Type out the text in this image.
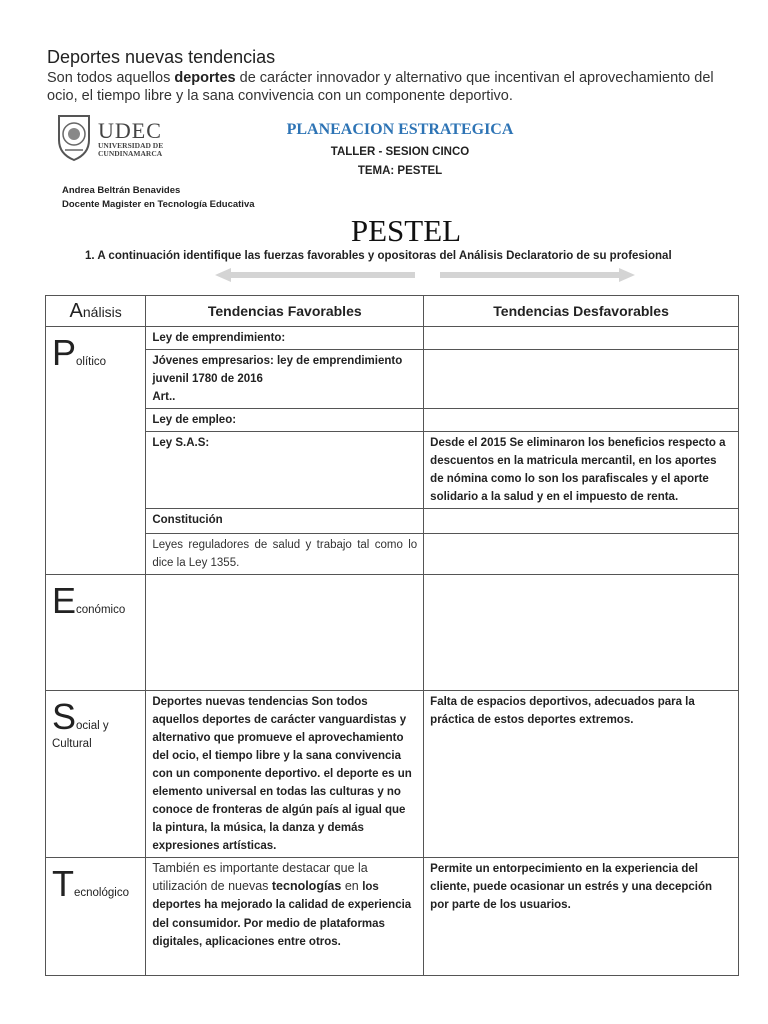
Deportes nuevas tendencias
Son todos aquellos deportes de carácter innovador y alternativo que incentivan el aprovechamiento del ocio, el tiempo libre y la sana convivencia con un componente deportivo.
UDEC
UNIVERSIDAD DE
CUNDINAMARCA
PLANEACION ESTRATEGICA
TALLER - SESION CINCO
TEMA: PESTEL
Andrea Beltrán Benavides
Docente Magister en Tecnología Educativa
PESTEL
1. A continuación identifique las fuerzas favorables y opositoras del Análisis Declaratorio de su profesional
Análisis	Tendencias Favorables	Tendencias Desfavorables
Político	Ley de emprendimiento:	

	Jóvenes empresarios: ley de emprendimiento juvenil 1780 de 2016
Art..	

	Ley de empleo:	
	Ley S.A.S:	Desde el 2015 Se eliminaron los beneficios respecto a descuentos en la matricula mercantil, en los aportes de nómina como lo son los parafiscales y el aporte solidario a la salud y en el impuesto de renta.
	Constitución	
	Leyes reguladores de salud y trabajo tal como lo dice la Ley 1355.	
Económico		
Social y
Cultural	Deportes nuevas tendencias Son todos aquellos deportes de carácter vanguardistas y alternativo que promueve el aprovechamiento del ocio, el tiempo libre y la sana convivencia con un componente deportivo. el deporte es un elemento universal en todas las culturas y no conoce de fronteras de algún país al igual que la pintura, la música, la danza y demás expresiones artísticas.	Falta de espacios deportivos, adecuados para la práctica de estos deportes extremos.
Tecnológico	También es importante destacar que la utilización de nuevas tecnologías en los deportes ha mejorado la calidad de experiencia del consumidor. Por medio de plataformas digitales, aplicaciones entre otros.	Permite un entorpecimiento en la experiencia del cliente, puede ocasionar un estrés y una decepción por parte de los usuarios.
